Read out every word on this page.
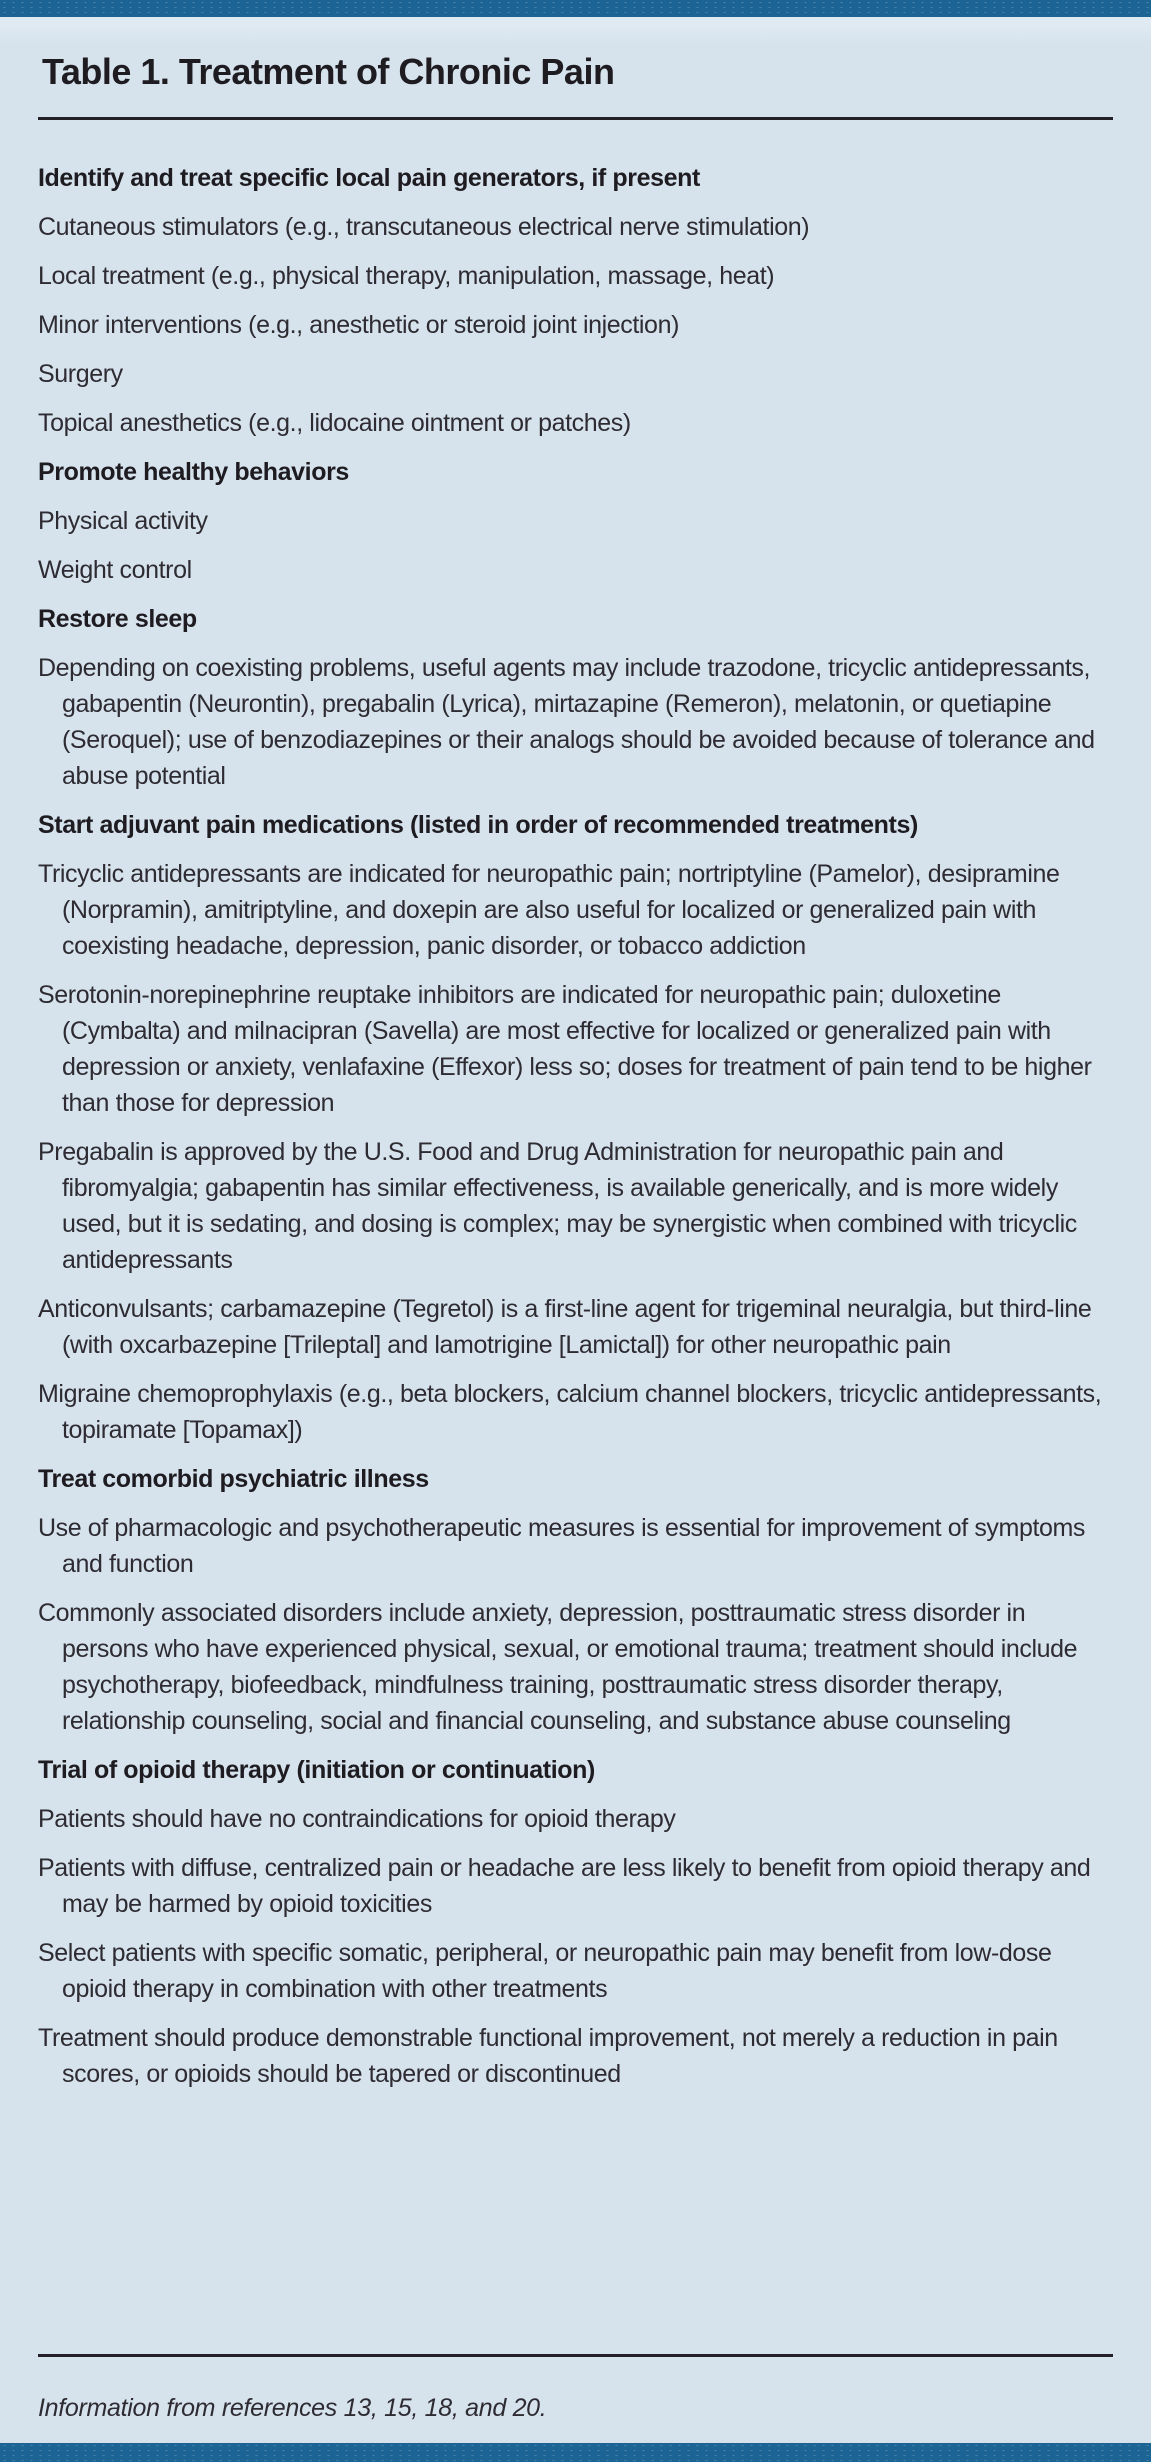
Table 1. Treatment of Chronic Pain
Identify and treat specific local pain generators, if present

Cutaneous stimulators (e.g., transcutaneous electrical nerve stimulation)

Local treatment (e.g., physical therapy, manipulation, massage, heat)

Minor interventions (e.g., anesthetic or steroid joint injection)

Surgery

Topical anesthetics (e.g., lidocaine ointment or patches)

Promote healthy behaviors

Physical activity

Weight control

Restore sleep

Depending on coexisting problems, useful agents may include trazodone, tricyclic antidepressants, gabapentin (Neurontin), pregabalin (Lyrica), mirtazapine (Remeron), melatonin, or quetiapine (Seroquel); use of benzodiazepines or their analogs should be avoided because of tolerance and abuse potential

Start adjuvant pain medications (listed in order of recommended treatments)

Tricyclic antidepressants are indicated for neuropathic pain; nortriptyline (Pamelor), desipramine (Norpramin), amitriptyline, and doxepin are also useful for localized or generalized pain with coexisting headache, depression, panic disorder, or tobacco addiction

Serotonin-norepinephrine reuptake inhibitors are indicated for neuropathic pain; duloxetine (Cymbalta) and milnacipran (Savella) are most effective for localized or generalized pain with depression or anxiety, venlafaxine (Effexor) less so; doses for treatment of pain tend to be higher than those for depression

Pregabalin is approved by the U.S. Food and Drug Administration for neuropathic pain and fibromyalgia; gabapentin has similar effectiveness, is available generically, and is more widely used, but it is sedating, and dosing is complex; may be synergistic when combined with tricyclic antidepressants

Anticonvulsants; carbamazepine (Tegretol) is a first-line agent for trigeminal neuralgia, but third-line (with oxcarbazepine [Trileptal] and lamotrigine [Lamictal]) for other neuropathic pain

Migraine chemoprophylaxis (e.g., beta blockers, calcium channel blockers, tricyclic antidepressants, topiramate [Topamax])

Treat comorbid psychiatric illness

Use of pharmacologic and psychotherapeutic measures is essential for improvement of symptoms and function

Commonly associated disorders include anxiety, depression, posttraumatic stress disorder in persons who have experienced physical, sexual, or emotional trauma; treatment should include psychotherapy, biofeedback, mindfulness training, posttraumatic stress disorder therapy, relationship counseling, social and financial counseling, and substance abuse counseling

Trial of opioid therapy (initiation or continuation)

Patients should have no contraindications for opioid therapy

Patients with diffuse, centralized pain or headache are less likely to benefit from opioid therapy and may be harmed by opioid toxicities

Select patients with specific somatic, peripheral, or neuropathic pain may benefit from low-dose opioid therapy in combination with other treatments

Treatment should produce demonstrable functional improvement, not merely a reduction in pain scores, or opioids should be tapered or discontinued

Information from references 13, 15, 18, and 20.
